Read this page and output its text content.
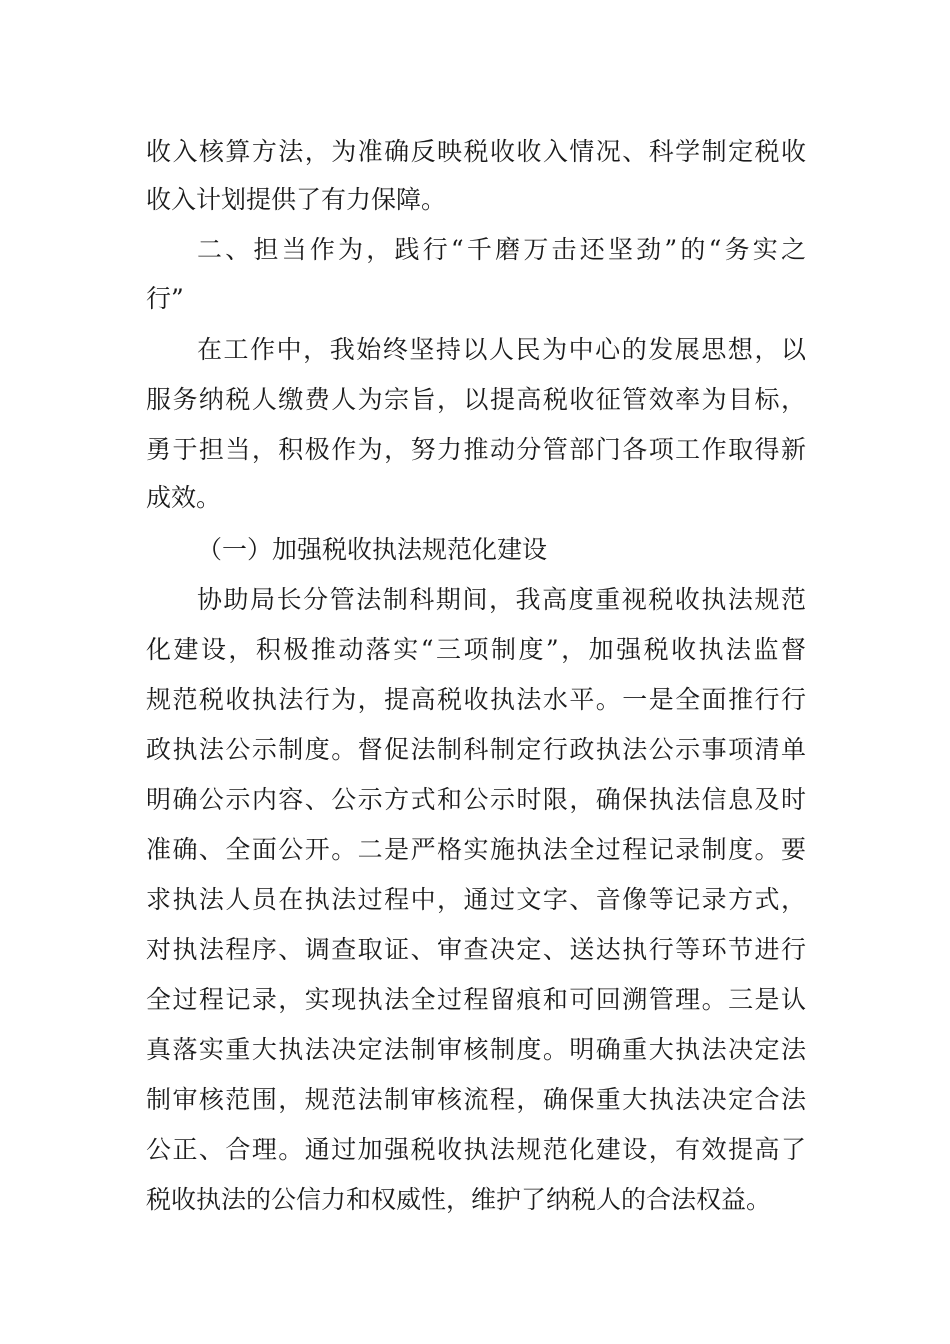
收入核算方法，为准确反映税收收入情况、科学制定税收
收入计划提供了有力保障。
二、担当作为，践行“千磨万击还坚劲”的“务实之
行”
在工作中，我始终坚持以人民为中心的发展思想，以
服务纳税人缴费人为宗旨，以提高税收征管效率为目标，
勇于担当，积极作为，努力推动分管部门各项工作取得新
成效。
（一）加强税收执法规范化建设
协助局长分管法制科期间，我高度重视税收执法规范
化建设，积极推动落实“三项制度”，加强税收执法监督
规范税收执法行为，提高税收执法水平。一是全面推行行
政执法公示制度。督促法制科制定行政执法公示事项清单
明确公示内容、公示方式和公示时限，确保执法信息及时
准确、全面公开。二是严格实施执法全过程记录制度。要
求执法人员在执法过程中，通过文字、音像等记录方式，
对执法程序、调查取证、审查决定、送达执行等环节进行
全过程记录，实现执法全过程留痕和可回溯管理。三是认
真落实重大执法决定法制审核制度。明确重大执法决定法
制审核范围，规范法制审核流程，确保重大执法决定合法
公正、合理。通过加强税收执法规范化建设，有效提高了
税收执法的公信力和权威性，维护了纳税人的合法权益。
